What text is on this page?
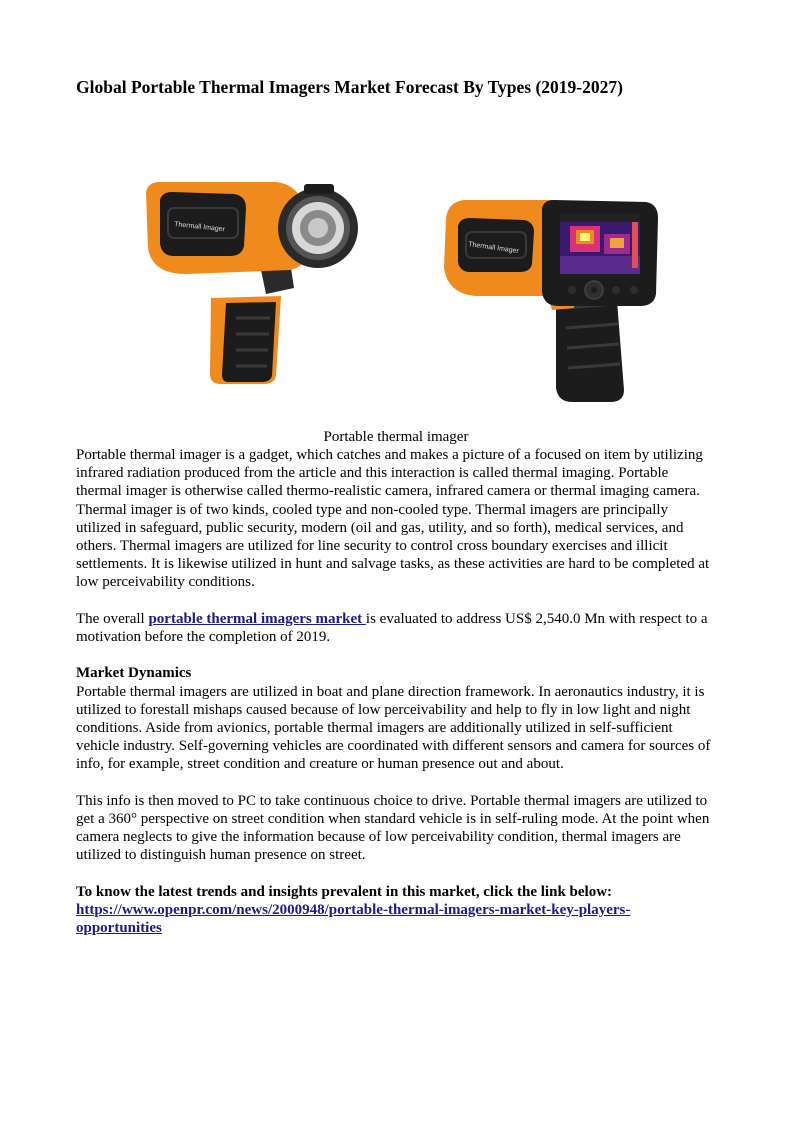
Global Portable Thermal Imagers Market Forecast By Types (2019-2027)
Thermall Imager
Thermall Imager
Portable thermal imager

Portable thermal imager is a gadget, which catches and makes a picture of a focused on item by utilizing infrared radiation produced from the article and this interaction is called thermal imaging. Portable thermal imager is otherwise called thermo-realistic camera, infrared camera or thermal imaging camera. Thermal imager is of two kinds, cooled type and non-cooled type. Thermal imagers are principally utilized in safeguard, public security, modern (oil and gas, utility, and so forth), medical services, and others. Thermal imagers are utilized for line security to control cross boundary exercises and illicit settlements. It is likewise utilized in hunt and salvage tasks, as these activities are hard to be completed at low perceivability conditions.

The overall portable thermal imagers market is evaluated to address US$ 2,540.0 Mn with respect to a motivation before the completion of 2019.

Market Dynamics

Portable thermal imagers are utilized in boat and plane direction framework. In aeronautics industry, it is utilized to forestall mishaps caused because of low perceivability and help to fly in low light and night conditions. Aside from avionics, portable thermal imagers are additionally utilized in self-sufficient vehicle industry. Self-governing vehicles are coordinated with different sensors and camera for sources of info, for example, street condition and creature or human presence out and about.

This info is then moved to PC to take continuous choice to drive. Portable thermal imagers are utilized to get a 360° perspective on street condition when standard vehicle is in self-ruling mode. At the point when camera neglects to give the information because of low perceivability condition, thermal imagers are utilized to distinguish human presence on street.

To know the latest trends and insights prevalent in this market, click the link below:

https://www.openpr.com/news/2000948/portable-thermal-imagers-market-key-players-opportunities
